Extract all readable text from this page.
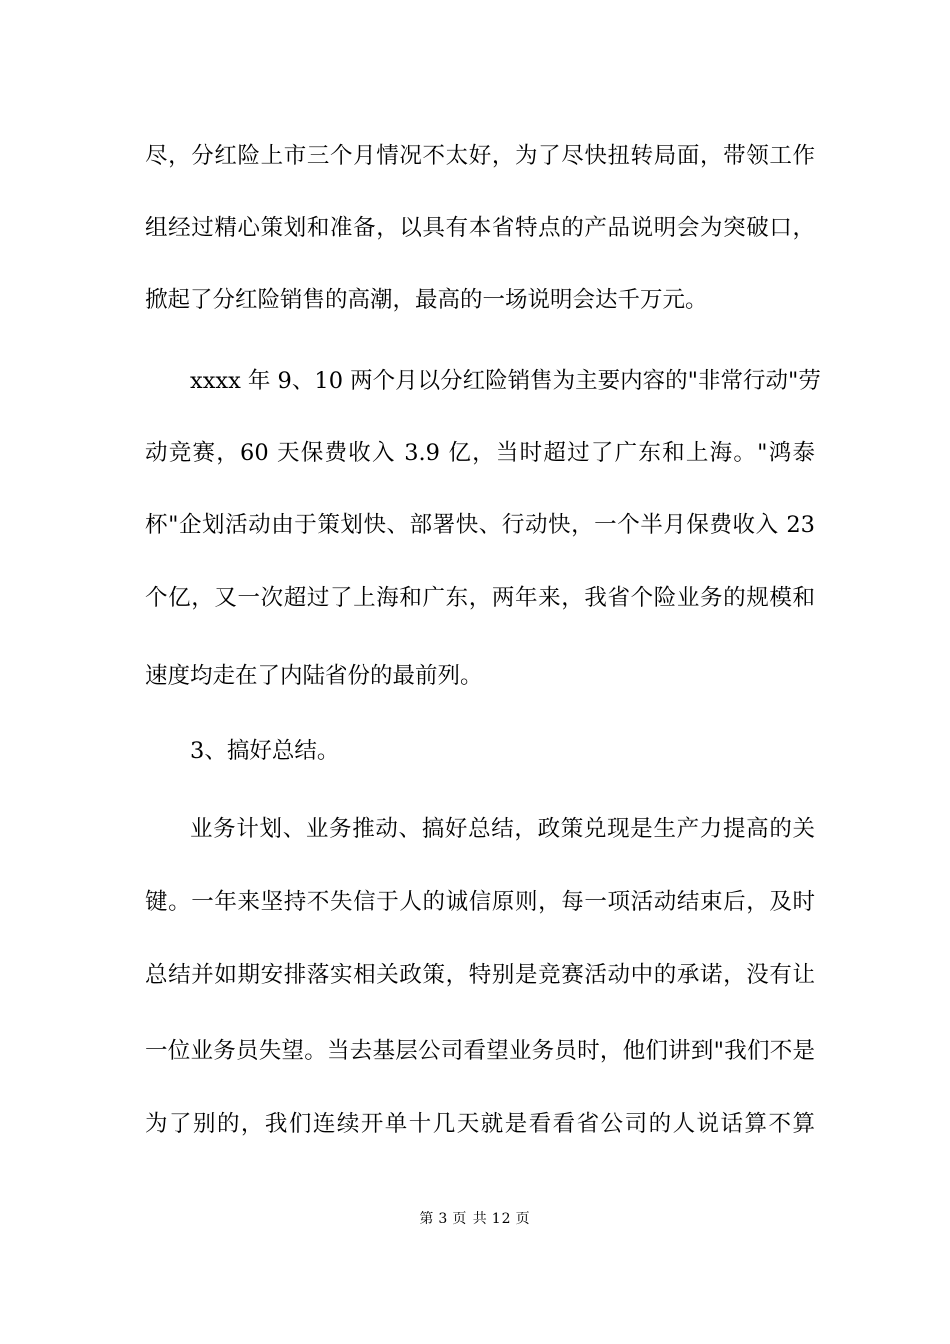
尽，分红险上市三个月情况不太好，为了尽快扭转局面，带领工作
组经过精心策划和准备，以具有本省特点的产品说明会为突破口，
掀起了分红险销售的高潮，最高的一场说明会达千万元。
xxxx 年 9、10 两个月以分红险销售为主要内容的"非常行动"劳
动竞赛，60 天保费收入 3.9 亿，当时超过了广东和上海。"鸿泰
杯"企划活动由于策划快、部署快、行动快，一个半月保费收入 23
个亿，又一次超过了上海和广东，两年来，我省个险业务的规模和
速度均走在了内陆省份的最前列。
3、搞好总结。
业务计划、业务推动、搞好总结，政策兑现是生产力提高的关
键。一年来坚持不失信于人的诚信原则，每一项活动结束后，及时
总结并如期安排落实相关政策，特别是竞赛活动中的承诺，没有让
一位业务员失望。当去基层公司看望业务员时，他们讲到"我们不是
为了别的，我们连续开单十几天就是看看省公司的人说话算不算
第 3 页 共 12 页
